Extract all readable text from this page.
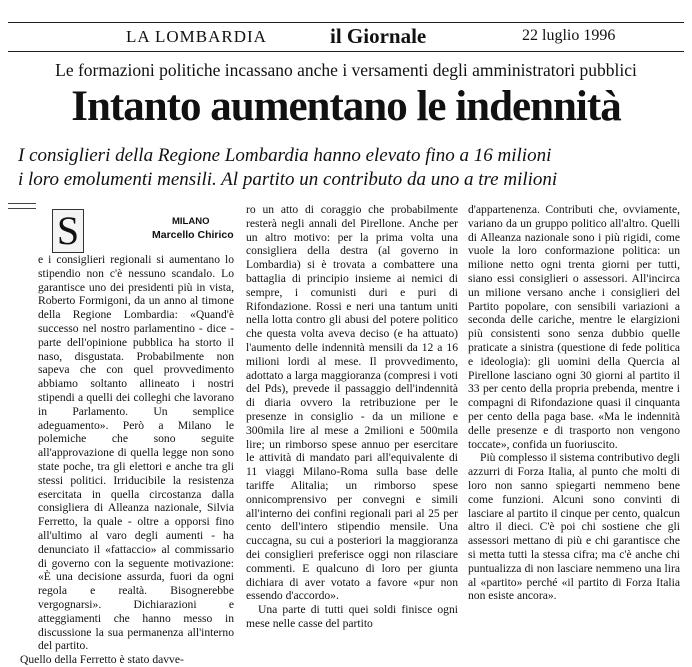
LA LOMBARDIA	il Giornale	22 luglio 1996
Le formazioni politiche incassano anche i versamenti degli amministratori pubblici
Intanto aumentano le indennità
I consiglieri della Regione Lombardia hanno elevato fino a 16 milioni
i loro emolumenti mensili. Al partito un contributo da uno a tre milioni
S	MILANO
Marcello Chirico

e i consiglieri regionali si aumentano lo stipendio non c'è nessuno scandalo. Lo garantisce uno dei presidenti più in vista, Roberto Formigoni, da un anno al timone della Regione Lombardia: «Quand'è successo nel nostro parlamentino - dice - parte dell'opinione pubblica ha storto il naso, disgustata. Probabilmente non sapeva che con quel provvedimento abbiamo soltanto allineato i nostri stipendi a quelli dei colleghi che lavorano in Parlamento. Un semplice adeguamento». Però a Milano le polemiche che sono seguite all'approvazione di quella legge non sono state poche, tra gli elettori e anche tra gli stessi politici. Irriducibile la resistenza esercitata in quella circostanza dalla consigliera di Alleanza nazionale, Silvia Ferretto, la quale - oltre a opporsi fino all'ultimo al varo degli aumenti - ha denunciato il «fattaccio» al commissario di governo con la seguente motivazione: «È una decisione assurda, fuori da ogni regola e realtà. Bisognerebbe vergognarsi». Dichiarazioni e atteggiamenti che hanno messo in discussione la sua permanenza all'interno del partito.

Quello della Ferretto è stato davve-

ro un atto di coraggio che probabilmente resterà negli annali del Pirellone. Anche per un altro motivo: per la prima volta una consigliera della destra (al governo in Lombardia) si è trovata a combattere una battaglia di principio insieme ai nemici di sempre, i comunisti duri e puri di Rifondazione. Rossi e neri una tantum uniti nella lotta contro gli abusi del potere politico che questa volta aveva deciso (e ha attuato) l'aumento delle indennità mensili da 12 a 16 milioni lordi al mese. Il provvedimento, adottato a larga maggioranza (compresi i voti del Pds), prevede il passaggio dell'indennità di diaria ovvero la retribuzione per le presenze in consiglio - da un milione e 300mila lire al mese a 2milioni e 500mila lire; un rimborso spese annuo per esercitare le attività di mandato pari all'equivalente di 11 viaggi Milano-Roma sulla base delle tariffe Alitalia; un rimborso spese onnicomprensivo per convegni e simili all'interno dei confini regionali pari al 25 per cento dell'intero stipendio mensile. Una cuccagna, su cui a posteriori la maggioranza dei consiglieri preferisce oggi non rilasciare commenti. E qualcuno di loro per giunta dichiara di aver votato a favore «pur non essendo d'accordo».

Una parte di tutti quei soldi finisce ogni mese nelle casse del partito

d'appartenenza. Contributi che, ovviamente, variano da un gruppo politico all'altro. Quelli di Alleanza nazionale sono i più rigidi, come vuole la loro conformazione politica: un milione netto ogni trenta giorni per tutti, siano essi consiglieri o assessori. All'incirca un milione versano anche i consiglieri del Partito popolare, con sensibili variazioni a seconda delle cariche, mentre le elargizioni più consistenti sono senza dubbio quelle praticate a sinistra (questione di fede politica e ideologia): gli uomini della Quercia al Pirellone lasciano ogni 30 giorni al partito il 33 per cento della propria prebenda, mentre i compagni di Rifondazione quasi il cinquanta per cento della paga base. «Ma le indennità delle presenze e di trasporto non vengono toccate», confida un fuoriuscito.

Più complesso il sistema contributivo degli azzurri di Forza Italia, al punto che molti di loro non sanno spiegarti nemmeno bene come funzioni. Alcuni sono convinti di lasciare al partito il cinque per cento, qualcun altro il dieci. C'è poi chi sostiene che gli assessori mettano di più e chi garantisce che si metta tutti la stessa cifra; ma c'è anche chi puntualizza di non lasciare nemmeno una lira al «partito» perché «il partito di Forza Italia non esiste ancora».
